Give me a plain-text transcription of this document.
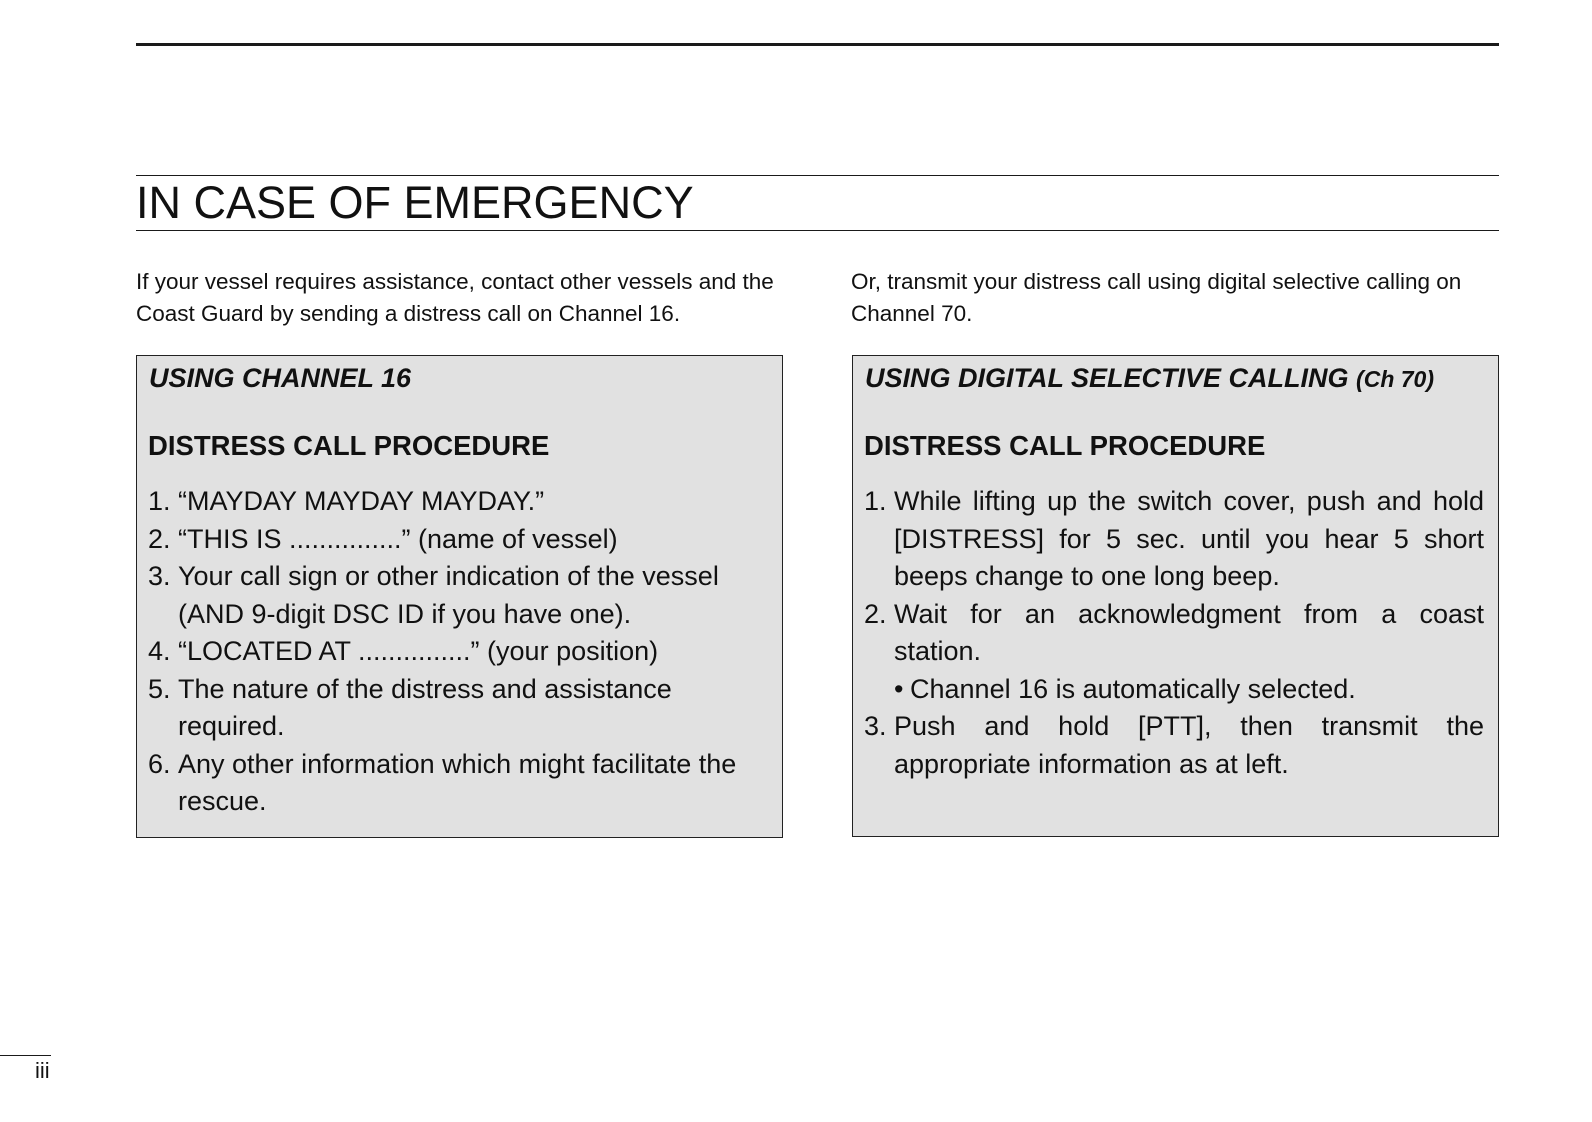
IN CASE OF EMERGENCY

If your vessel requires assistance, contact other vessels and the Coast Guard by sending a distress call on Channel 16.

Or, transmit your distress call using digital selective calling on Channel 70.

USING CHANNEL 16
DISTRESS CALL PROCEDURE
1. “MAYDAY MAYDAY MAYDAY.”
2. “THIS IS ...............” (name of vessel)
3. Your call sign or other indication of the vessel (AND 9-digit DSC ID if you have one).
4. “LOCATED AT ...............” (your position)
5. The nature of the distress and assistance required.
6. Any other information which might facilitate the rescue.
USING DIGITAL SELECTIVE CALLING (Ch 70)
DISTRESS CALL PROCEDURE
1. While lifting up the switch cover, push and hold [DISTRESS] for 5 sec. until you hear 5 short beeps change to one long beep.
2. Wait for an acknowledgment from a coast station.
• Channel 16 is automatically selected.
3. Push and hold [PTT], then transmit the appropriate information as at left.

iii
